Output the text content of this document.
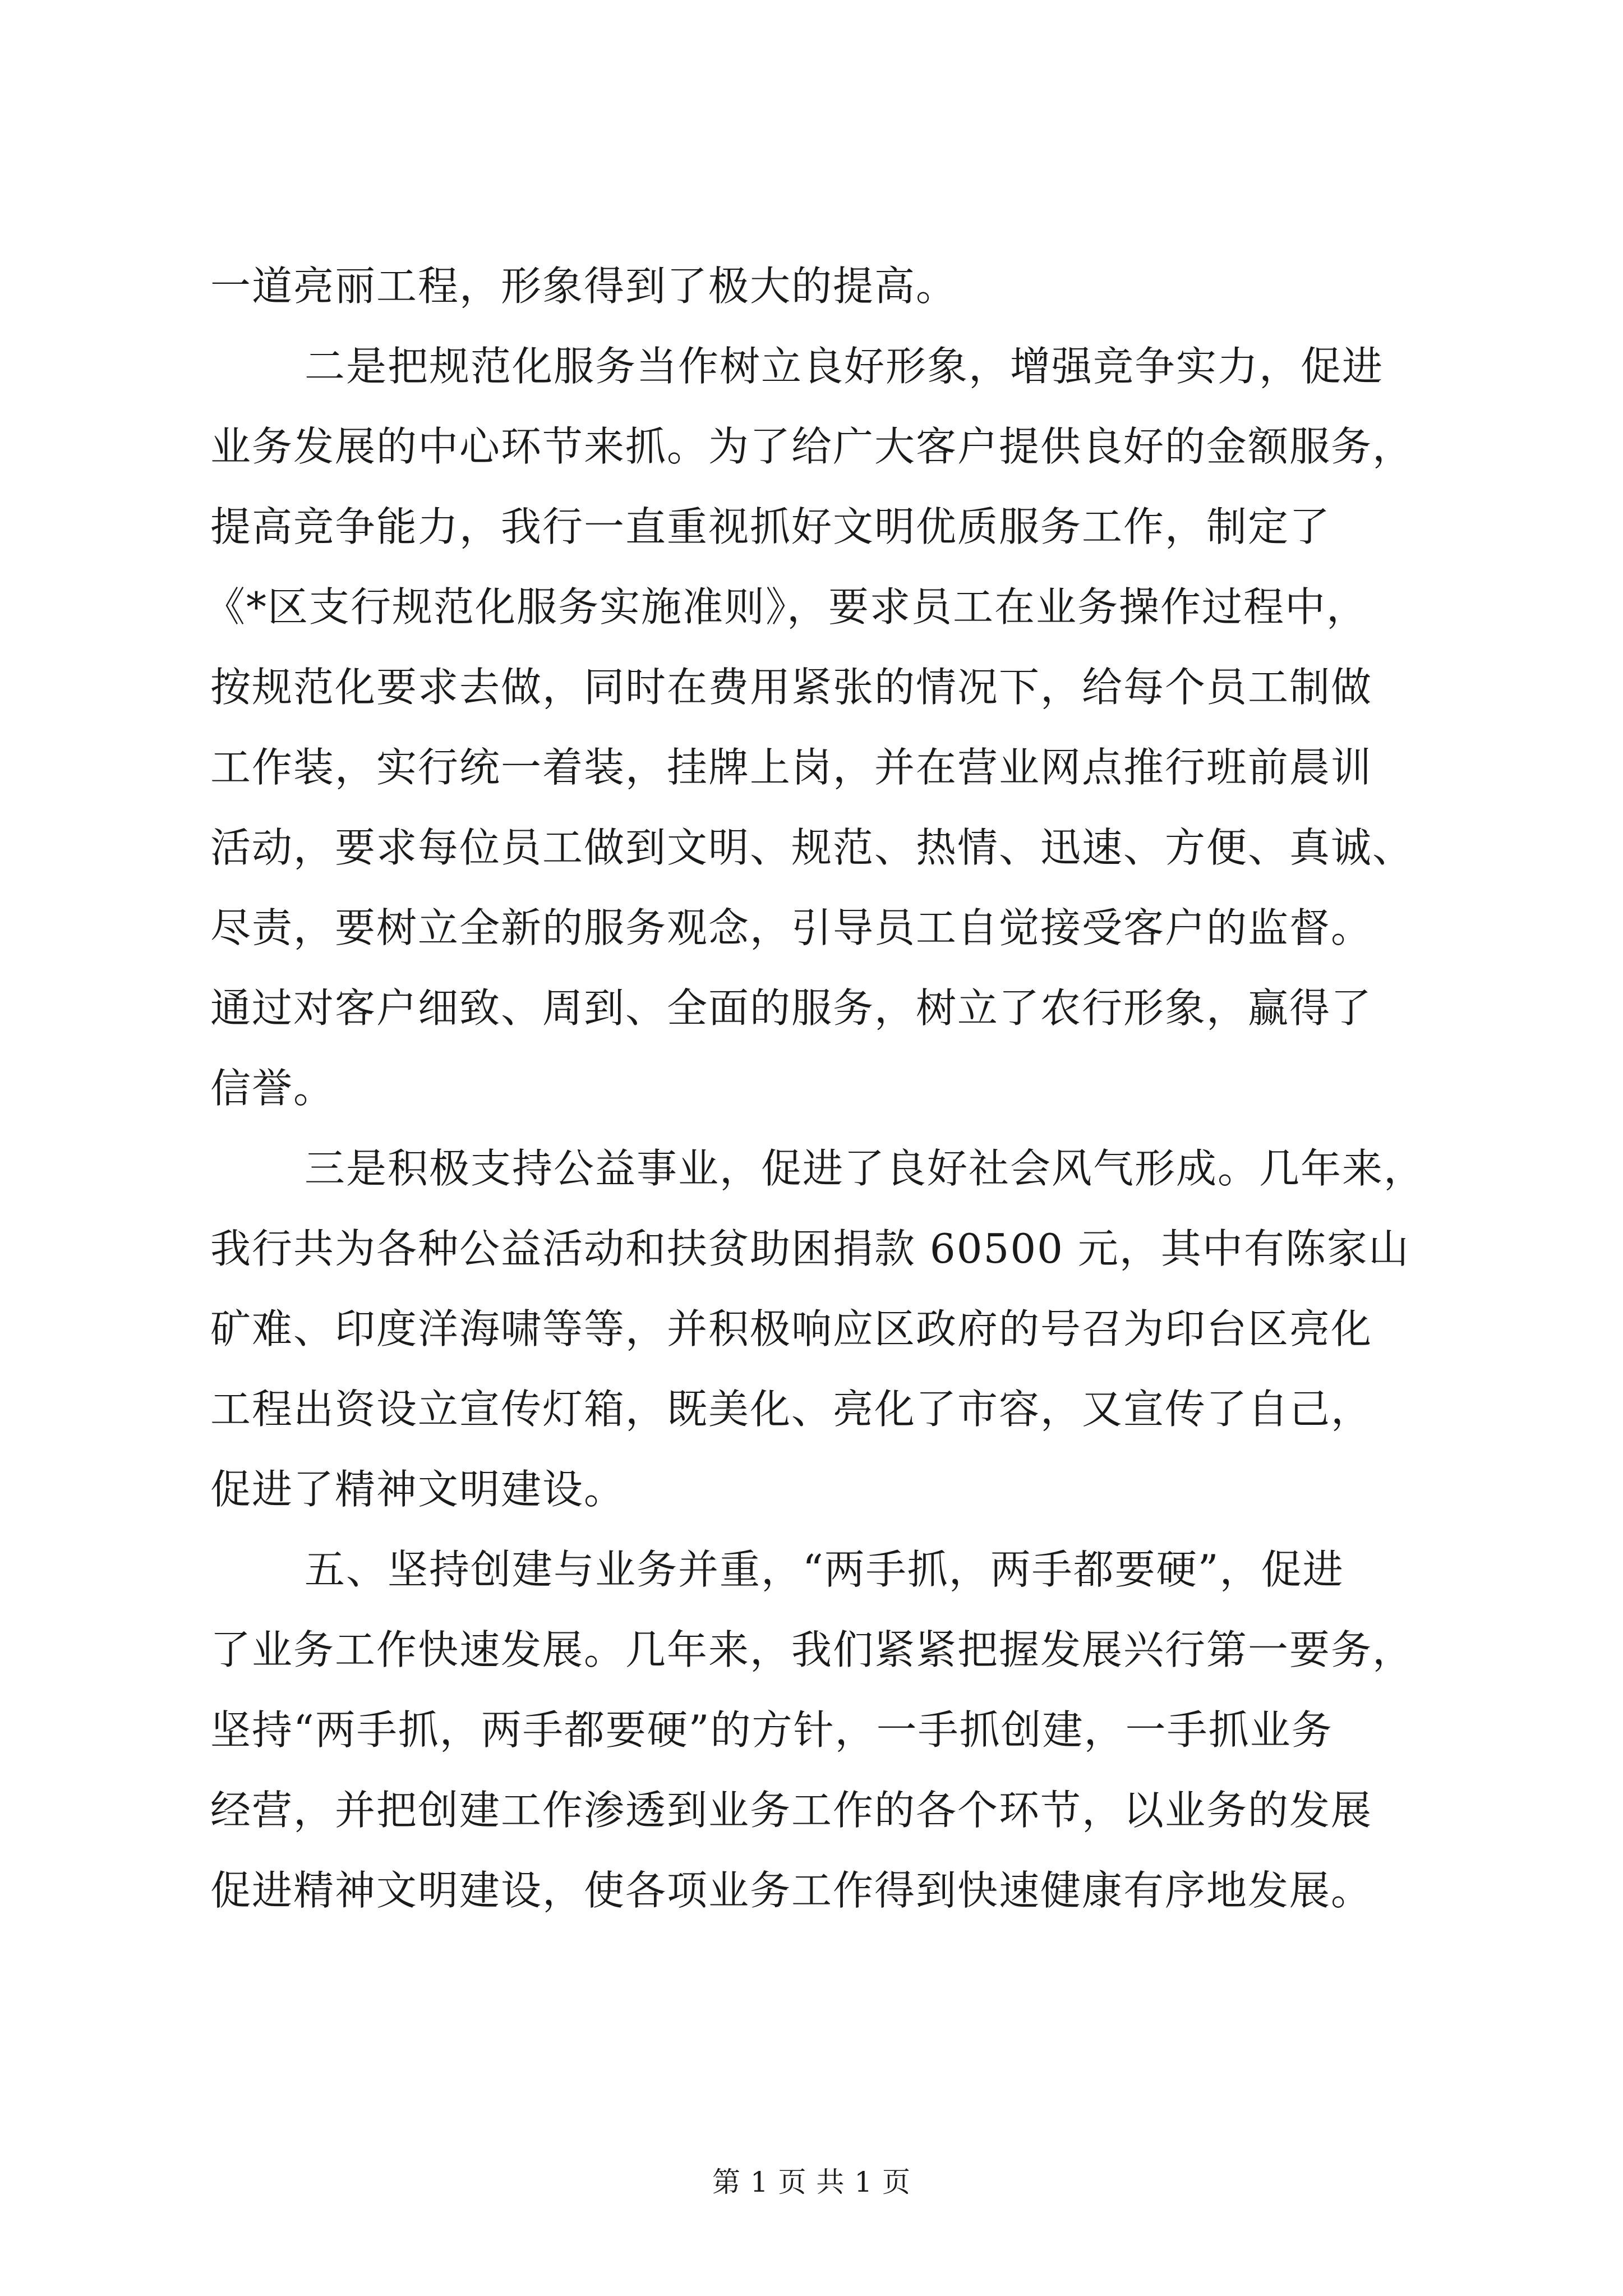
一道亮丽工程，形象得到了极大的提高。
二是把规范化服务当作树立良好形象，增强竞争实力，促进
业务发展的中心环节来抓。为了给广大客户提供良好的金额服务，
提高竞争能力，我行一直重视抓好文明优质服务工作，制定了
《*区支行规范化服务实施准则》，要求员工在业务操作过程中，
按规范化要求去做，同时在费用紧张的情况下，给每个员工制做
工作装，实行统一着装，挂牌上岗，并在营业网点推行班前晨训
活动，要求每位员工做到文明、规范、热情、迅速、方便、真诚、
尽责，要树立全新的服务观念，引导员工自觉接受客户的监督。
通过对客户细致、周到、全面的服务，树立了农行形象，赢得了
信誉。
三是积极支持公益事业，促进了良好社会风气形成。几年来，
我行共为各种公益活动和扶贫助困捐款 60500 元，其中有陈家山
矿难、印度洋海啸等等，并积极响应区政府的号召为印台区亮化
工程出资设立宣传灯箱，既美化、亮化了市容，又宣传了自己，
促进了精神文明建设。
五、坚持创建与业务并重，“两手抓，两手都要硬”，促进
了业务工作快速发展。几年来，我们紧紧把握发展兴行第一要务，
坚持“两手抓，两手都要硬”的方针，一手抓创建，一手抓业务
经营，并把创建工作渗透到业务工作的各个环节，以业务的发展
促进精神文明建设，使各项业务工作得到快速健康有序地发展。
第 1 页 共 1 页
